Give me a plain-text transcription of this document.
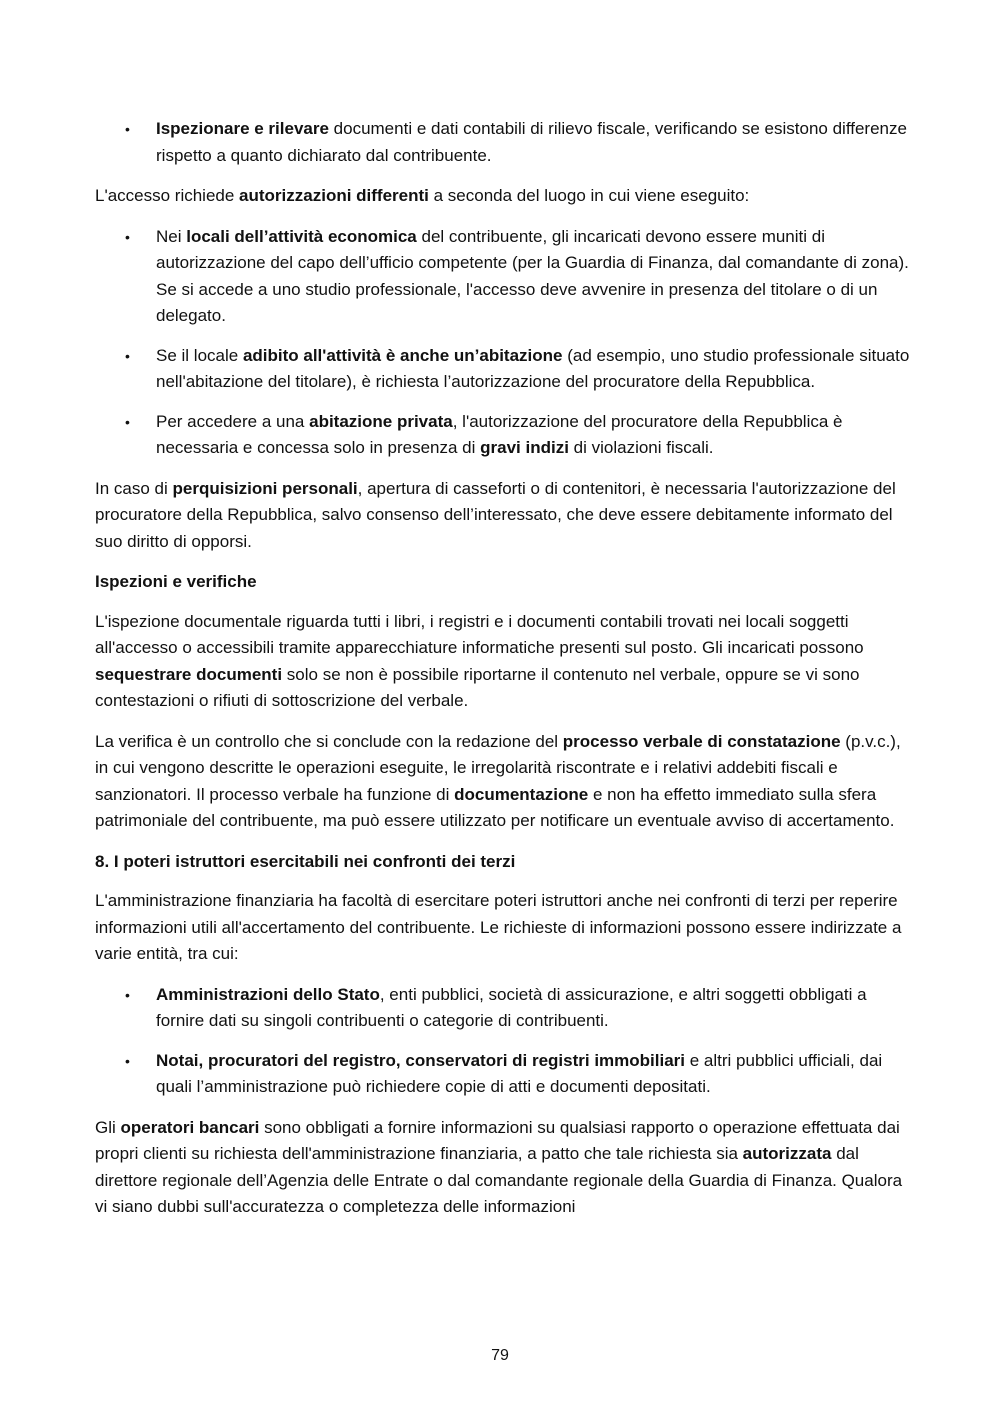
• Ispezionare e rilevare documenti e dati contabili di rilievo fiscale, verificando se esistono differenze rispetto a quanto dichiarato dal contribuente.

L'accesso richiede autorizzazioni differenti a seconda del luogo in cui viene eseguito:

• Nei locali dell’attività economica del contribuente, gli incaricati devono essere muniti di autorizzazione del capo dell’ufficio competente (per la Guardia di Finanza, dal comandante di zona). Se si accede a uno studio professionale, l'accesso deve avvenire in presenza del titolare o di un delegato.
• Se il locale adibito all'attività è anche un’abitazione (ad esempio, uno studio professionale situato nell'abitazione del titolare), è richiesta l’autorizzazione del procuratore della Repubblica.
• Per accedere a una abitazione privata, l'autorizzazione del procuratore della Repubblica è necessaria e concessa solo in presenza di gravi indizi di violazioni fiscali.

In caso di perquisizioni personali, apertura di casseforti o di contenitori, è necessaria l'autorizzazione del procuratore della Repubblica, salvo consenso dell’interessato, che deve essere debitamente informato del suo diritto di opporsi.

Ispezioni e verifiche

L'ispezione documentale riguarda tutti i libri, i registri e i documenti contabili trovati nei locali soggetti all'accesso o accessibili tramite apparecchiature informatiche presenti sul posto. Gli incaricati possono sequestrare documenti solo se non è possibile riportarne il contenuto nel verbale, oppure se vi sono contestazioni o rifiuti di sottoscrizione del verbale.

La verifica è un controllo che si conclude con la redazione del processo verbale di constatazione (p.v.c.), in cui vengono descritte le operazioni eseguite, le irregolarità riscontrate e i relativi addebiti fiscali e sanzionatori. Il processo verbale ha funzione di documentazione e non ha effetto immediato sulla sfera patrimoniale del contribuente, ma può essere utilizzato per notificare un eventuale avviso di accertamento.

8. I poteri istruttori esercitabili nei confronti dei terzi

L'amministrazione finanziaria ha facoltà di esercitare poteri istruttori anche nei confronti di terzi per reperire informazioni utili all'accertamento del contribuente. Le richieste di informazioni possono essere indirizzate a varie entità, tra cui:

• Amministrazioni dello Stato, enti pubblici, società di assicurazione, e altri soggetti obbligati a fornire dati su singoli contribuenti o categorie di contribuenti.
• Notai, procuratori del registro, conservatori di registri immobiliari e altri pubblici ufficiali, dai quali l’amministrazione può richiedere copie di atti e documenti depositati.

Gli operatori bancari sono obbligati a fornire informazioni su qualsiasi rapporto o operazione effettuata dai propri clienti su richiesta dell'amministrazione finanziaria, a patto che tale richiesta sia autorizzata dal direttore regionale dell’Agenzia delle Entrate o dal comandante regionale della Guardia di Finanza. Qualora vi siano dubbi sull'accuratezza o completezza delle informazioni

79
